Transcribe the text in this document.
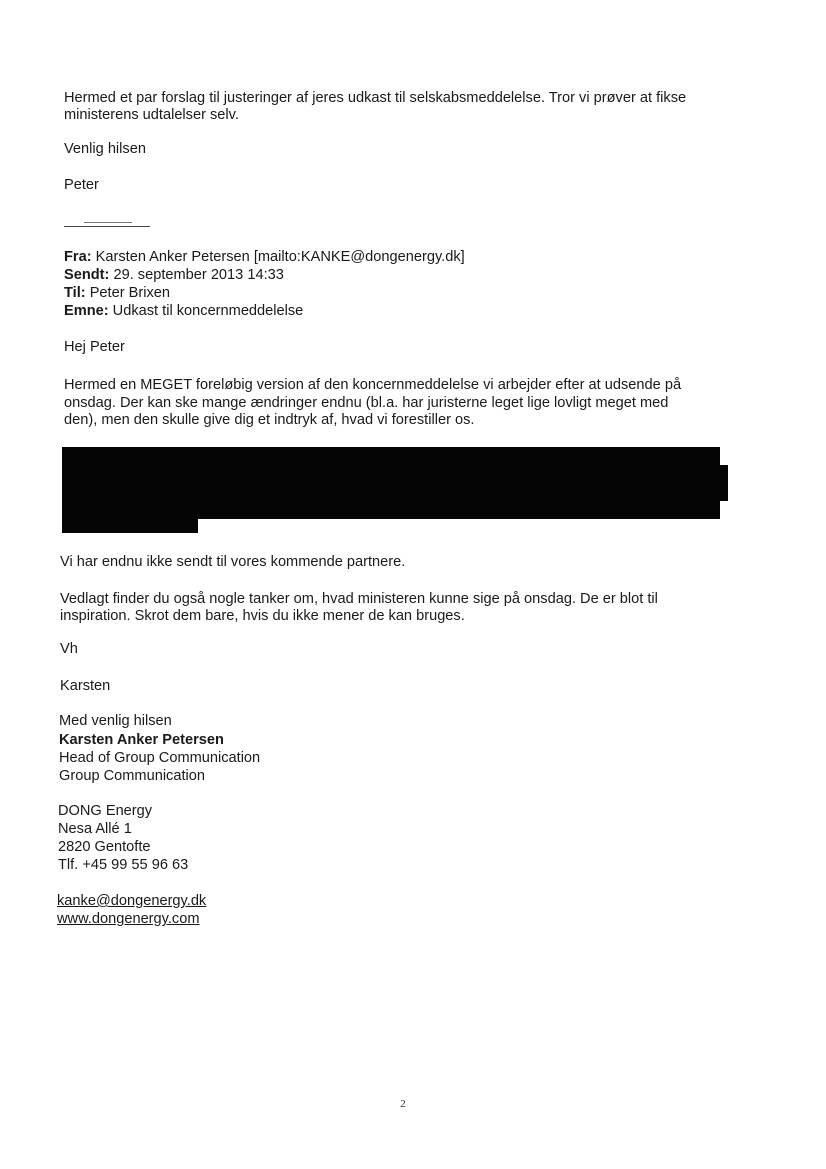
Hermed et par forslag til justeringer af jeres udkast til selskabsmeddelelse. Tror vi prøver at fikse
ministerens udtalelser selv.
Venlig hilsen
Peter
Fra: Karsten Anker Petersen [mailto:KANKE@dongenergy.dk]
Sendt: 29. september 2013 14:33
Til: Peter Brixen
Emne: Udkast til koncernmeddelelse
Hej Peter
Hermed en MEGET foreløbig version af den koncernmeddelelse vi arbejder efter at udsende på
onsdag. Der kan ske mange ændringer endnu (bl.a. har juristerne leget lige lovligt meget med
den), men den skulle give dig et indtryk af, hvad vi forestiller os.
Vi har endnu ikke sendt til vores kommende partnere.
Vedlagt finder du også nogle tanker om, hvad ministeren kunne sige på onsdag. De er blot til
inspiration. Skrot dem bare, hvis du ikke mener de kan bruges.
Vh
Karsten
Med venlig hilsen
Karsten Anker Petersen
Head of Group Communication
Group Communication
DONG Energy
Nesa Allé 1
2820 Gentofte
Tlf. +45 99 55 96 63
kanke@dongenergy.dk
www.dongenergy.com
2
